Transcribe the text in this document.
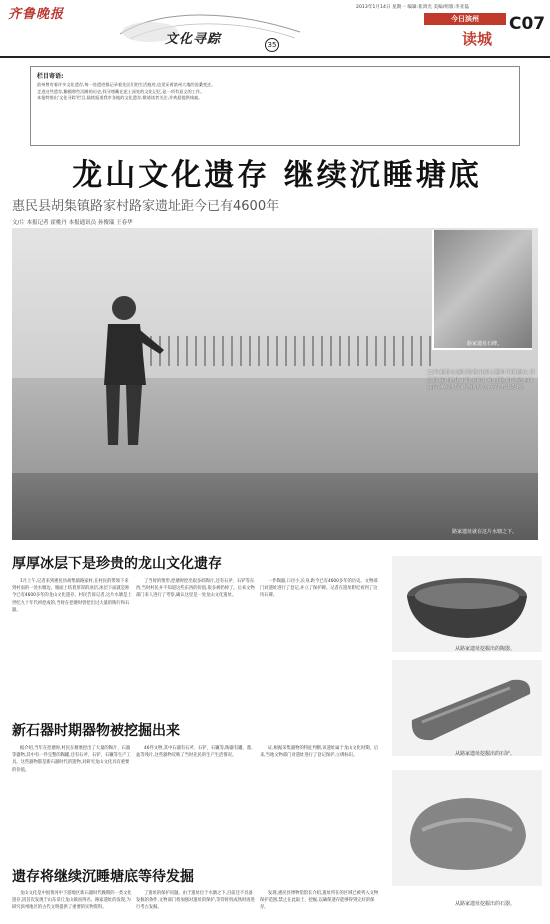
齐鲁晚报
文化寻踪	35
2013年1月14日 星期一 编辑:崔鸿光 美编/组版:李亚磊
今日滨州
读城
C07
栏目寄语:
滨州曾有着许多文化遗存,每一处遗迹都记录着先民们的生活痕迹,也见证着滨州大地的沧桑变迁。
走进这些遗存,触摸那些沉睡的历史,找寻埋藏在泥土深处的文化记忆,是一项有意义的工作。
本报特推出'文化寻踪'栏目,陆续报道我市各地的文化遗存,敬请读者关注,并欢迎提供线索。
龙山文化遗存 继续沉睡塘底
惠民县胡集镇路家村路家遗址距今已有4600年
文/片 本报记者 霍桃丹 本报通讯员 孙俊瑞 王春华
路家遗址石碑。
22年前修水塘时曾挖出新石器时代的遗存,村民说当时挖出了许多陶片和石器,如今遗址继续沉睡在冰层覆盖的塘底,等待考古发掘。
路家遗址就在这片水塘之下。
厚厚冰层下是珍贵的龙山文化遗存

1月上午,记者来到惠民县胡集镇路家村,在村民的带领下来到村南的一处水塘边。塘面上结着厚厚的冰层,冰层下面就是距今已有4600多年的龙山文化遗存。村民告诉记者,这片水塘是上世纪九十年代初挖成的,当时在挖塘时曾挖出过大量的陶片和石器。

了当时的情形,挖塘时挖出很多碎陶片,还有石斧、石铲等东西,当时村民并不知道这些东西的价值,很多被扔掉了。后来文物部门来人进行了考察,确认这里是一处龙山文化遗址。

一件陶器,口径小,长身,距今已有4600多年的历史。文物部门对遗址进行了登记,并立了保护碑。记者在遗址附近看到了这块石碑。

新石器时期器物被挖掘出来

据介绍,当年在挖塘时,村民在塘底挖出了大量的陶片、石器等器物,其中有一件完整的陶罐,还有石斧、石铲、石镰等生产工具。这些器物都是新石器时代的遗物,对研究龙山文化具有重要的价值。

46件文物,其中石器有石斧、石铲、石镰等,陶器有罐、鼎、盆等残片,这些器物反映了当时先民的生产生活情况。

证,根据采集器物的特征判断,该遗址属于龙山文化时期。后来,当地文物部门对遗址进行了登记保护,立碑标识。

遗存将继续沉睡塘底等待发掘

龙山文化是中国黄河中下游地区新石器时代晚期的一类文化遗存,因首次发现于山东章丘龙山镇而得名。路家遗址的发现,为研究滨州地区的古代文明提供了重要的实物资料。

了遗址的保护问题。由于遗址位于水塘之下,目前还不具备发掘的条件,文物部门将加强对遗址的保护,等待时机成熟时再进行考古发掘。

发现,惠民县博物馆馆长介绍,遗址所在的区域已被列入文物保护范围,禁止在此取土、挖掘,以确保遗存能够得到完好的保存。

从路家遗址挖掘出的陶器。
从路家遗址挖掘出的石铲。
从路家遗址挖掘出的石器。
